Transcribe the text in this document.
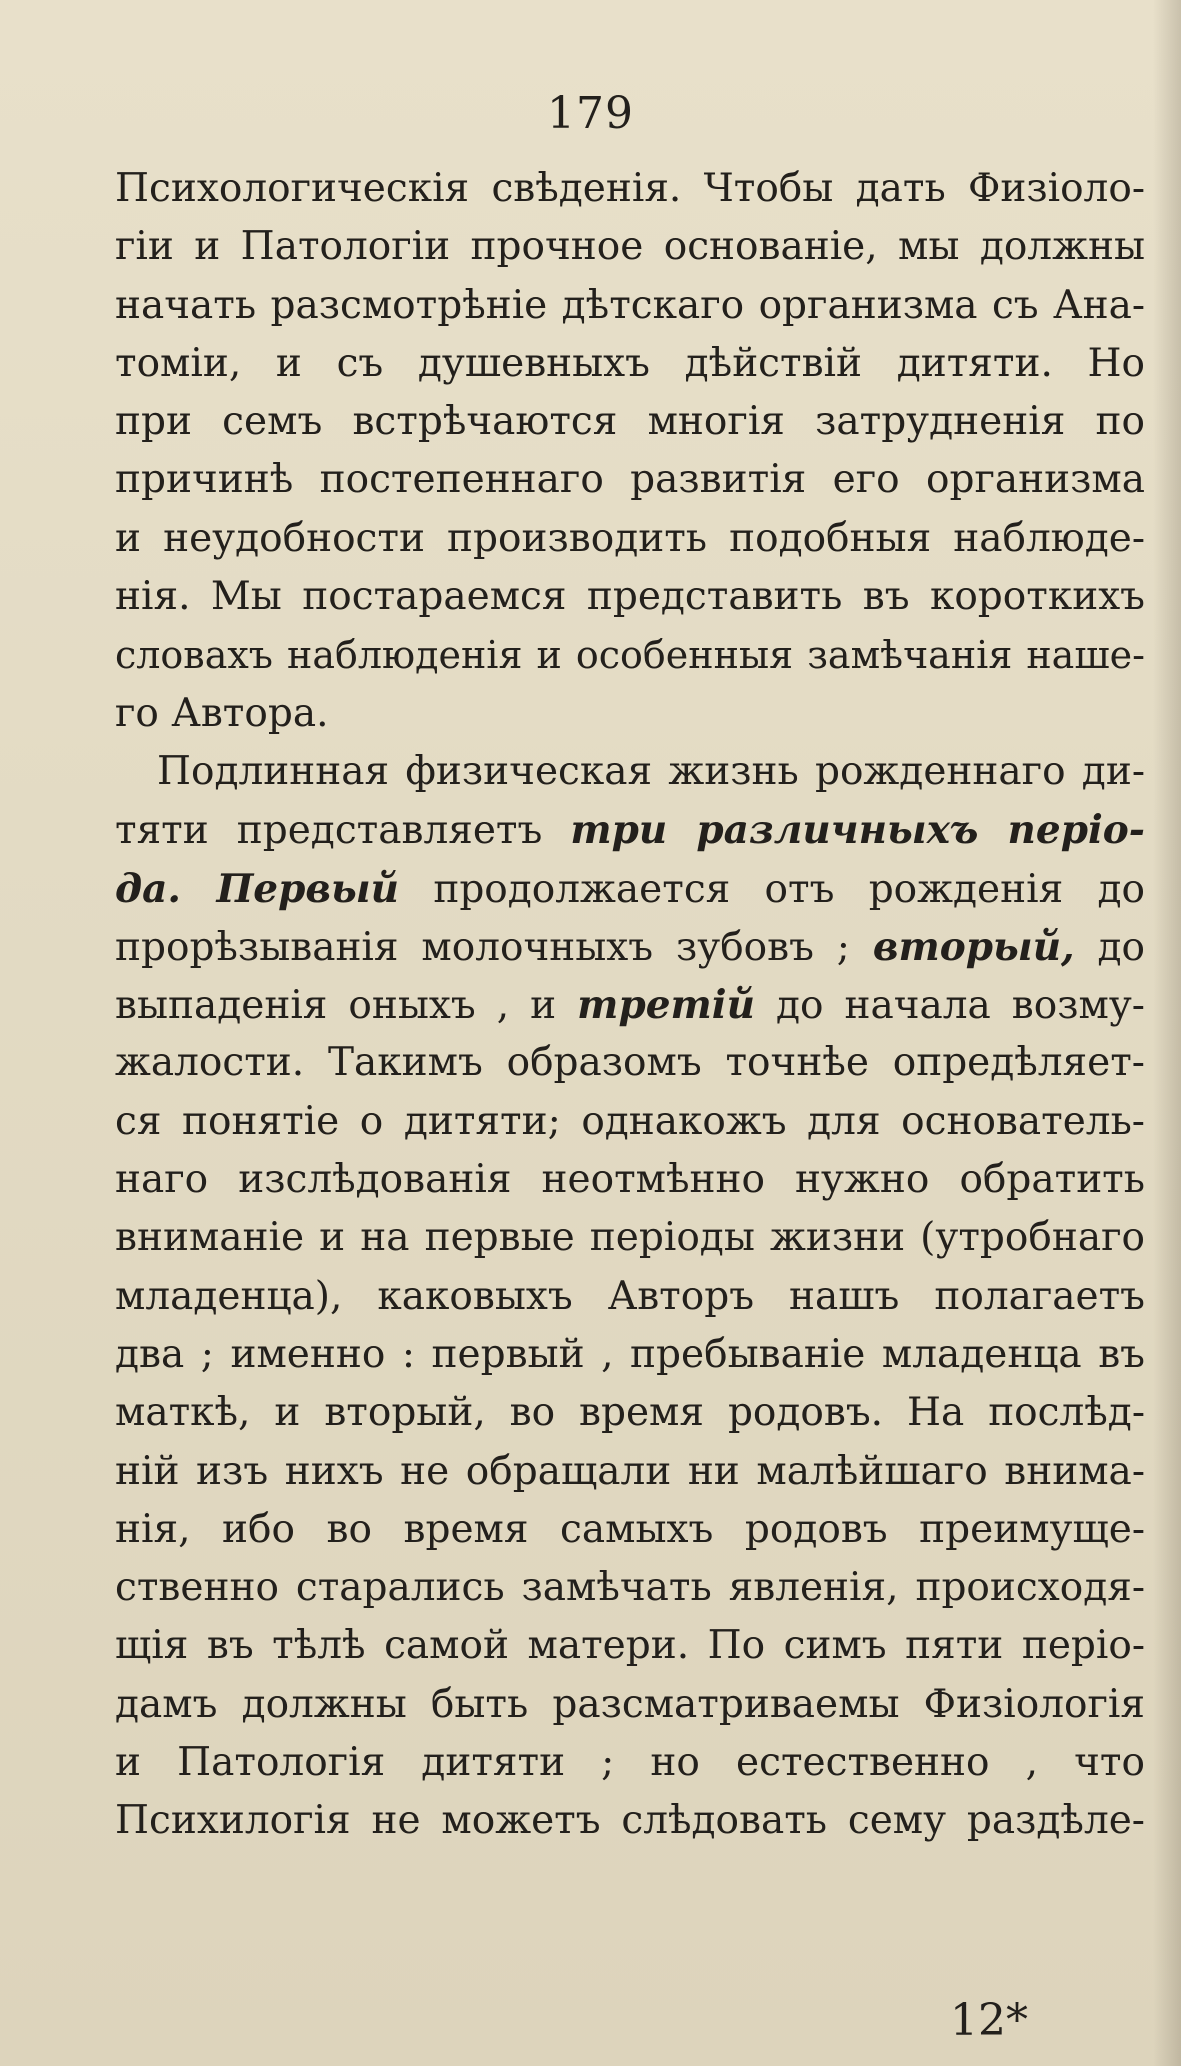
179
Психологическія свѣденія. Чтобы дать Физіоло-
гіи и Патологіи прочное основаніе, мы должны
начать разсмотрѣніе дѣтскаго организма съ Ана-
томіи, и съ душевныхъ дѣйствій дитяти. Но
при семъ встрѣчаются многія затрудненія по
причинѣ постепеннаго развитія его организма
и неудобности производить подобныя наблюде-
нія. Мы постараемся представить въ короткихъ
словахъ наблюденія и особенныя замѣчанія наше-
го Автора.
Подлинная физическая жизнь рожденнаго ди-
тяти представляетъ три различныхъ періо-
да. Первый продолжается отъ рожденія до
прорѣзыванія молочныхъ зубовъ ; вторый, до
выпаденія оныхъ , и третій до начала возму-
жалости. Такимъ образомъ точнѣе опредѣляет-
ся понятіе о дитяти; однакожъ для основатель-
наго изслѣдованія неотмѣнно нужно обратить
вниманіе и на первые періоды жизни (утробнаго
младенца), каковыхъ Авторъ нашъ полагаетъ
два ; именно : первый , пребываніе младенца въ
маткѣ, и вторый, во время родовъ. На послѣд-
ній изъ нихъ не обращали ни малѣйшаго внима-
нія, ибо во время самыхъ родовъ преимуще-
ственно старались замѣчать явленія, происходя-
щія въ тѣлѣ самой матери. По симъ пяти періо-
дамъ должны быть разсматриваемы Физіологія
и Патологія дитяти ; но естественно , что
Психилогія не можетъ слѣдовать сему раздѣле-
12*
